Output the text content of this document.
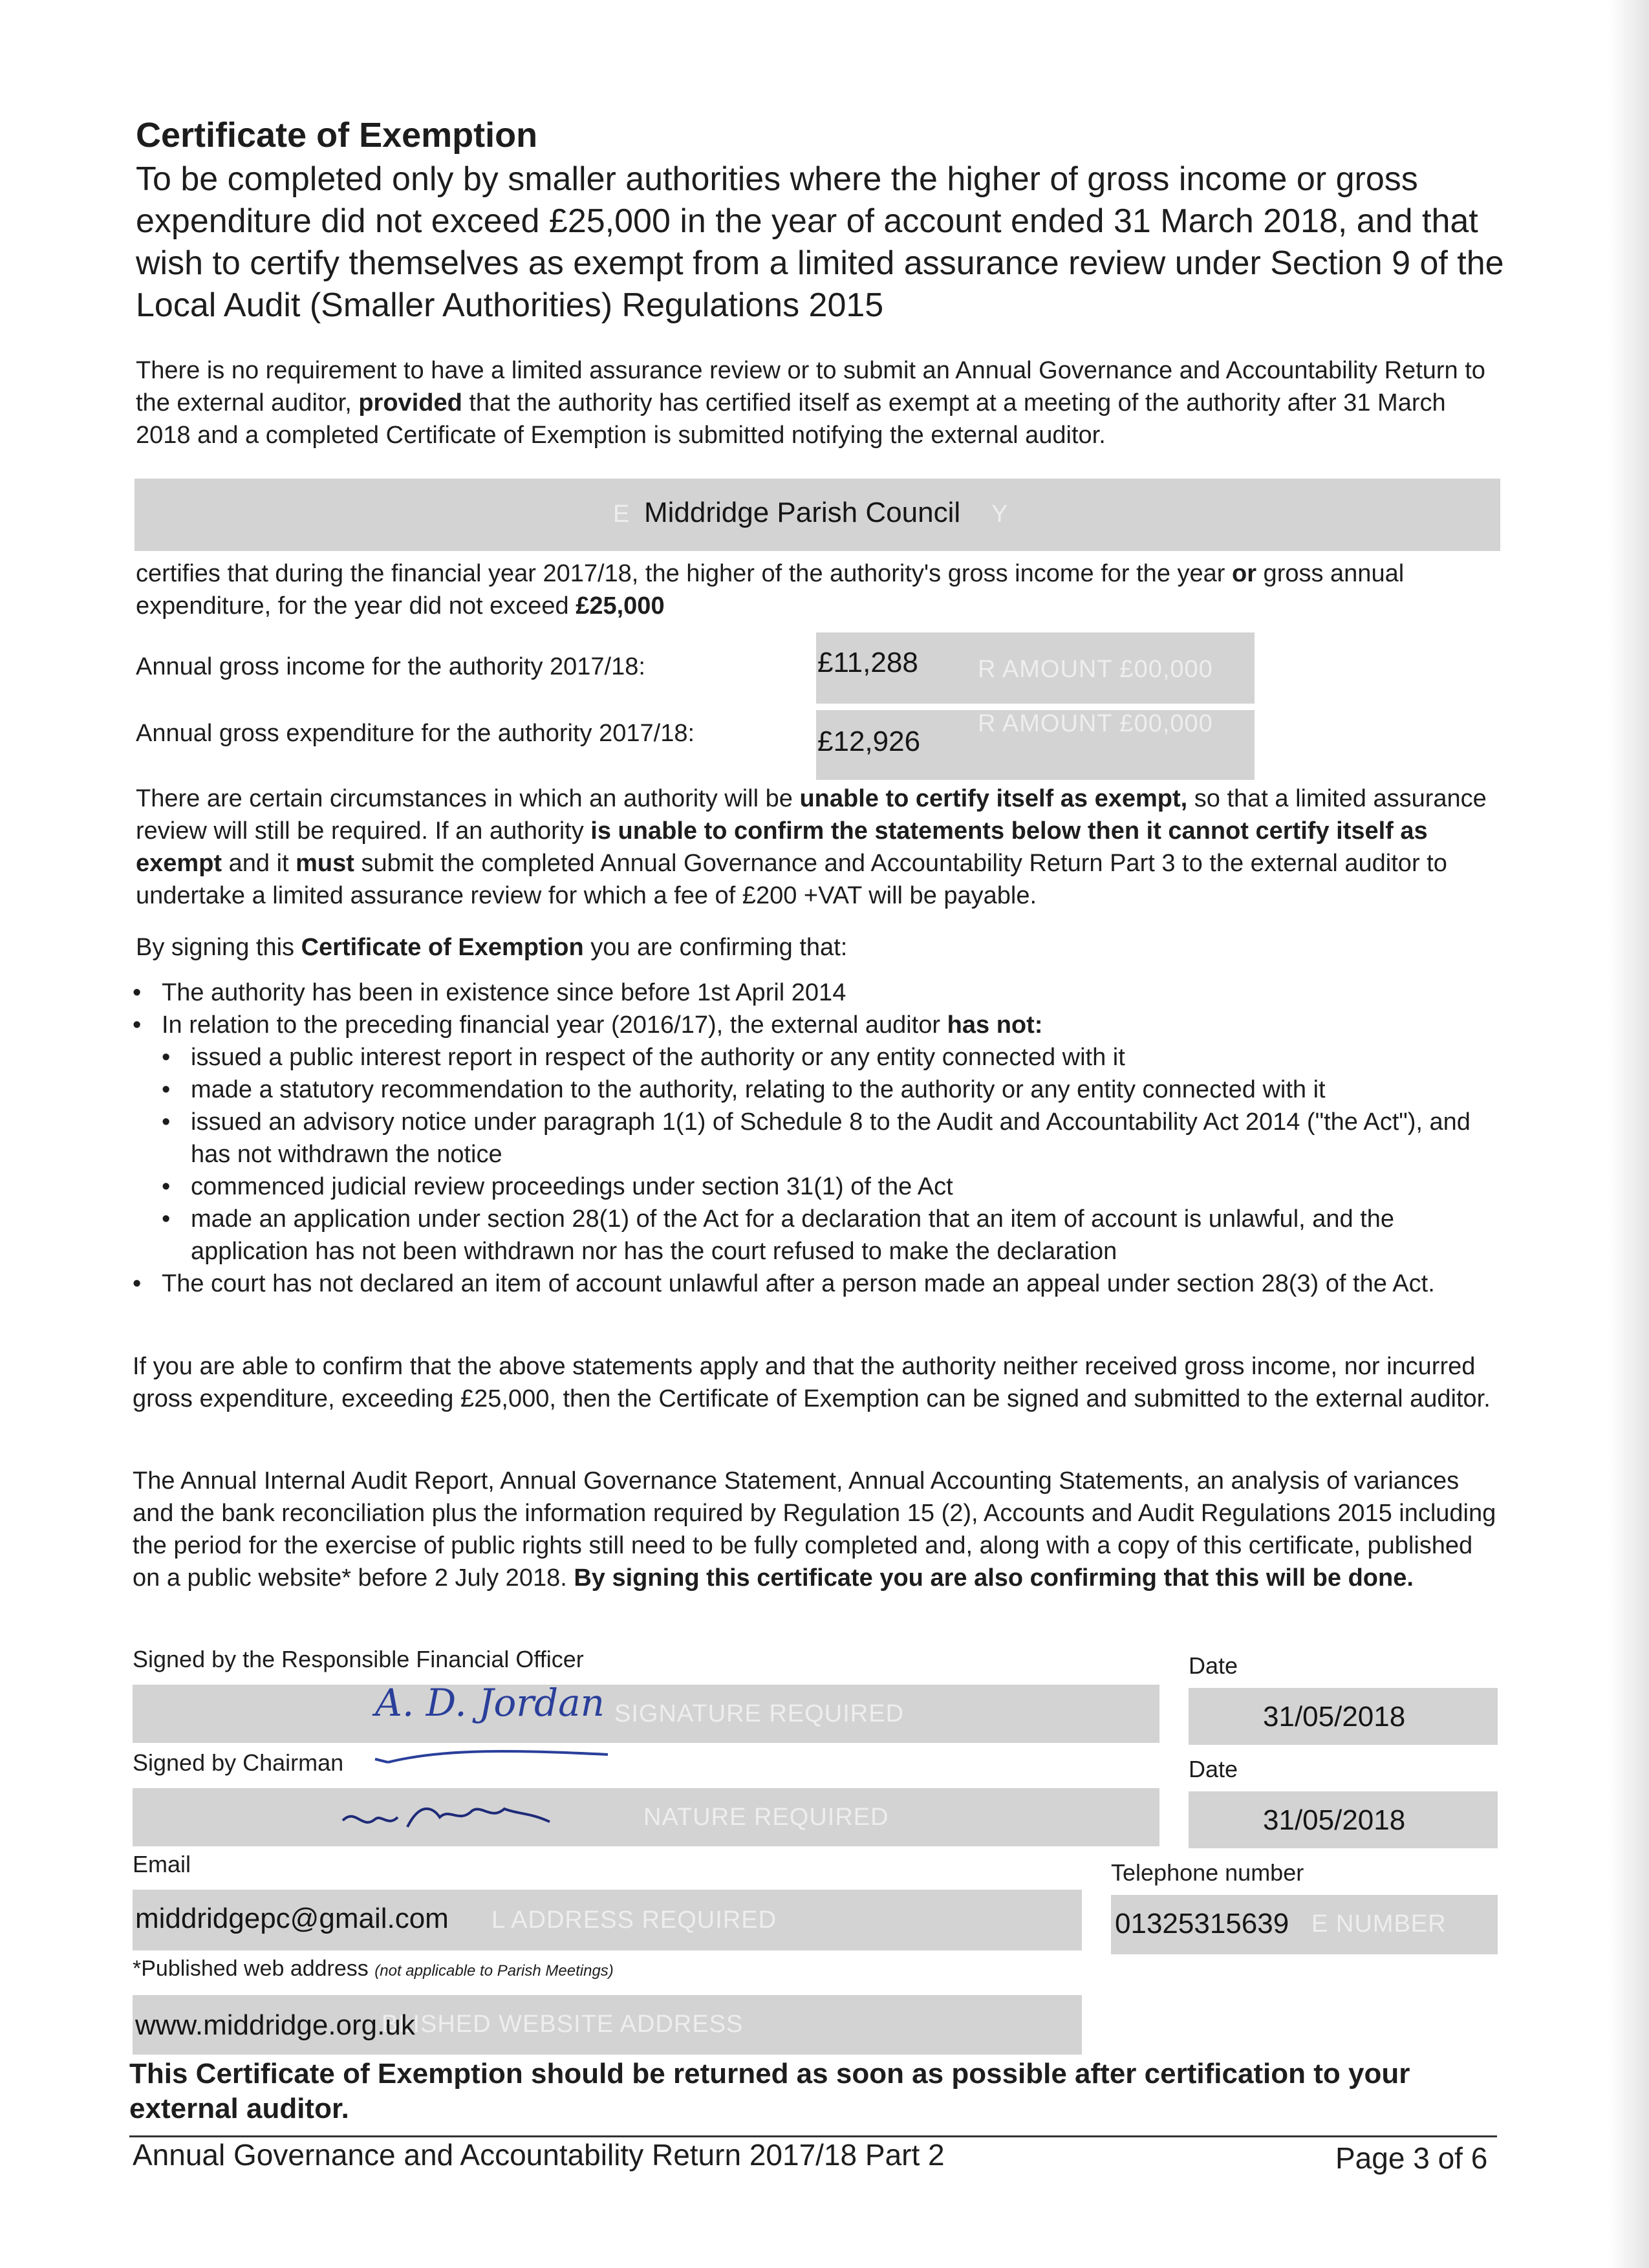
Certificate of Exemption
To be completed only by smaller authorities where the higher of gross income or gross expenditure did not exceed £25,000 in the year of account ended 31 March 2018, and that wish to certify themselves as exempt from a limited assurance review under Section 9 of the Local Audit (Smaller Authorities) Regulations 2015
There is no requirement to have a limited assurance review or to submit an Annual Governance and Accountability Return to the external auditor, provided that the authority has certified itself as exempt at a meeting of the authority after 31 March 2018 and a completed Certificate of Exemption is submitted notifying the external auditor.
E	Y
Middridge Parish Council
certifies that during the financial year 2017/18, the higher of the authority's gross income for the year or gross annual expenditure, for the year did not exceed £25,000
Annual gross income for the authority 2017/18:	R AMOUNT £00,000
£11,288
Annual gross expenditure for the authority 2017/18:	R AMOUNT £00,000
£12,926
There are certain circumstances in which an authority will be unable to certify itself as exempt, so that a limited assurance review will still be required. If an authority is unable to confirm the statements below then it cannot certify itself as exempt and it must submit the completed Annual Governance and Accountability Return Part 3 to the external auditor to undertake a limited assurance review for which a fee of £200 +VAT will be payable.
By signing this Certificate of Exemption you are confirming that:
• The authority has been in existence since before 1st April 2014
• In relation to the preceding financial year (2016/17), the external auditor has not:
• issued a public interest report in respect of the authority or any entity connected with it
• made a statutory recommendation to the authority, relating to the authority or any entity connected with it
• issued an advisory notice under paragraph 1(1) of Schedule 8 to the Audit and Accountability Act 2014 ("the Act"), and has not withdrawn the notice
• commenced judicial review proceedings under section 31(1) of the Act
• made an application under section 28(1) of the Act for a declaration that an item of account is unlawful, and the application has not been withdrawn nor has the court refused to make the declaration
• The court has not declared an item of account unlawful after a person made an appeal under section 28(3) of the Act.
If you are able to confirm that the above statements apply and that the authority neither received gross income, nor incurred gross expenditure, exceeding £25,000, then the Certificate of Exemption can be signed and submitted to the external auditor.
The Annual Internal Audit Report, Annual Governance Statement, Annual Accounting Statements, an analysis of variances and the bank reconciliation plus the information required by Regulation 15 (2), Accounts and Audit Regulations 2015 including the period for the exercise of public rights still need to be fully completed and, along with a copy of this certificate, published on a public website* before 2 July 2018. By signing this certificate you are also confirming that this will be done.
Signed by the Responsible Financial Officer
SIGNATURE REQUIRED
A. D. Jordan
Date
31/05/2018
Signed by Chairman
NATURE REQUIRED
Date
31/05/2018
Email
L ADDRESS REQUIRED
middridgepc@gmail.com
Telephone number
E NUMBER
01325315639
*Published web address (not applicable to Parish Meetings)
BLISHED WEBSITE ADDRESS
www.middridge.org.uk
This Certificate of Exemption should be returned as soon as possible after certification to your external auditor.
Annual Governance and Accountability Return 2017/18 Part 2	Page 3 of 6
